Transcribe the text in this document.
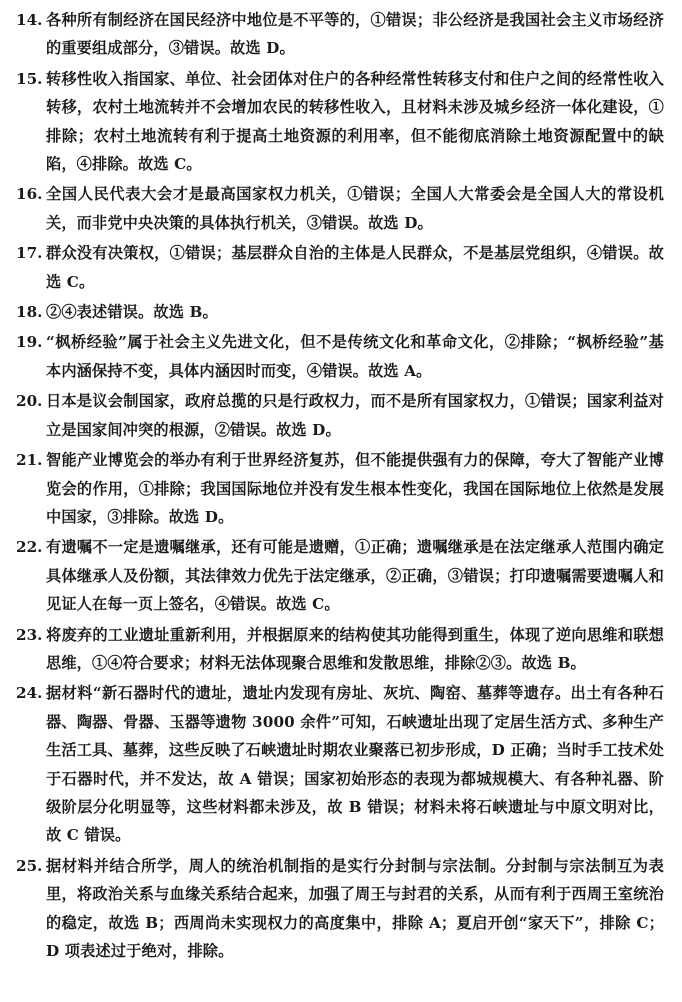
14. 各种所有制经济在国民经济中地位是不平等的，①错误；非公经济是我国社会主义市场经济的重要组成部分，③错误。故选 D。
15. 转移性收入指国家、单位、社会团体对住户的各种经常性转移支付和住户之间的经常性收入转移，农村土地流转并不会增加农民的转移性收入，且材料未涉及城乡经济一体化建设，①排除；农村土地流转有利于提高土地资源的利用率，但不能彻底消除土地资源配置中的缺陷，④排除。故选 C。
16. 全国人民代表大会才是最高国家权力机关，①错误；全国人大常委会是全国人大的常设机关，而非党中央决策的具体执行机关，③错误。故选 D。
17. 群众没有决策权，①错误；基层群众自治的主体是人民群众，不是基层党组织，④错误。故选 C。
18. ②④表述错误。故选 B。
19. “枫桥经验”属于社会主义先进文化，但不是传统文化和革命文化，②排除；“枫桥经验”基本内涵保持不变，具体内涵因时而变，④错误。故选 A。
20. 日本是议会制国家，政府总揽的只是行政权力，而不是所有国家权力，①错误；国家利益对立是国家间冲突的根源，②错误。故选 D。
21. 智能产业博览会的举办有利于世界经济复苏，但不能提供强有力的保障，夸大了智能产业博览会的作用，①排除；我国国际地位并没有发生根本性变化，我国在国际地位上依然是发展中国家，③排除。故选 D。
22. 有遗嘱不一定是遗嘱继承，还有可能是遗赠，①正确；遗嘱继承是在法定继承人范围内确定具体继承人及份额，其法律效力优先于法定继承，②正确，③错误；打印遗嘱需要遗嘱人和见证人在每一页上签名，④错误。故选 C。
23. 将废弃的工业遗址重新利用，并根据原来的结构使其功能得到重生，体现了逆向思维和联想思维，①④符合要求；材料无法体现聚合思维和发散思维，排除②③。故选 B。
24. 据材料“新石器时代的遗址，遗址内发现有房址、灰坑、陶窑、墓葬等遗存。出土有各种石器、陶器、骨器、玉器等遗物 3000 余件”可知，石峡遗址出现了定居生活方式、多种生产生活工具、墓葬，这些反映了石峡遗址时期农业聚落已初步形成，D 正确；当时手工技术处于石器时代，并不发达，故 A 错误；国家初始形态的表现为都城规模大、有各种礼器、阶级阶层分化明显等，这些材料都未涉及，故 B 错误；材料未将石峡遗址与中原文明对比，故 C 错误。
25. 据材料并结合所学，周人的统治机制指的是实行分封制与宗法制。分封制与宗法制互为表里，将政治关系与血缘关系结合起来，加强了周王与封君的关系，从而有利于西周王室统治的稳定，故选 B；西周尚未实现权力的高度集中，排除 A；夏启开创“家天下”，排除 C；D 项表述过于绝对，排除。
